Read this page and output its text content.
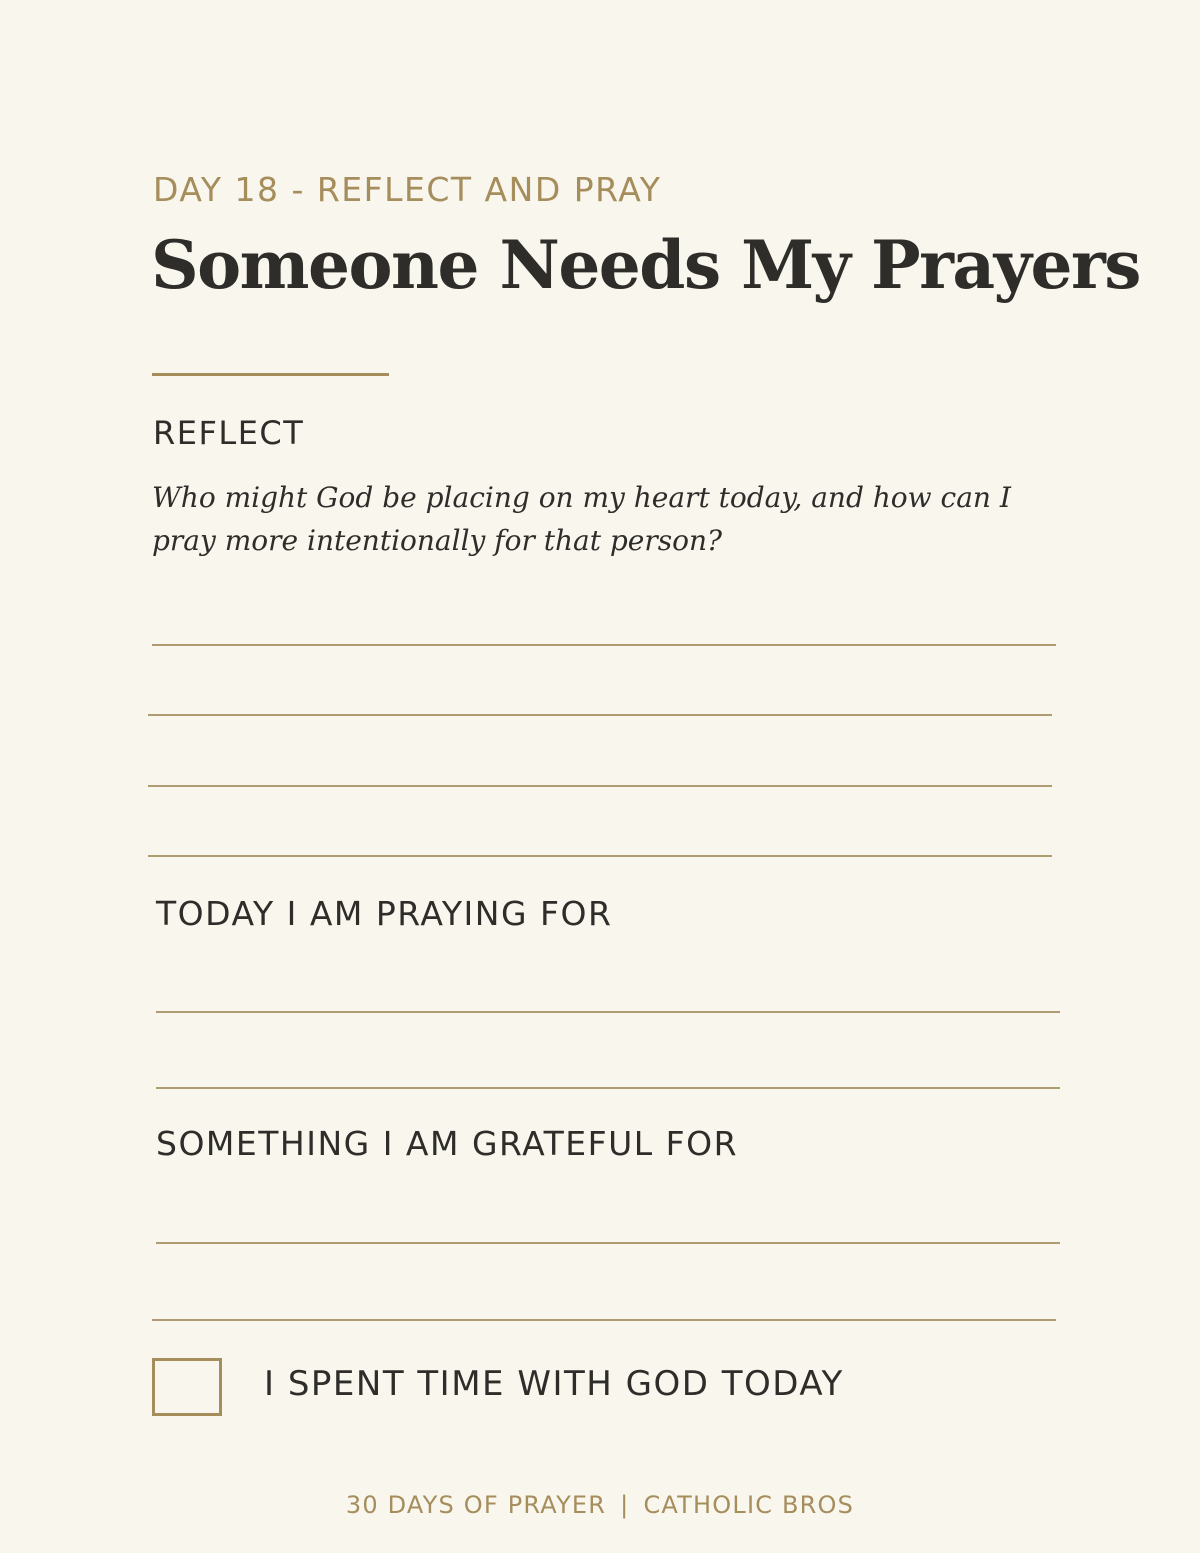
DAY 18 - REFLECT AND PRAY
Someone Needs My Prayers
REFLECT
Who might God be placing on my heart today, and how can I pray more intentionally for that person?
TODAY I AM PRAYING FOR
SOMETHING I AM GRATEFUL FOR
I SPENT TIME WITH GOD TODAY
30 DAYS OF PRAYER | CATHOLIC BROS
